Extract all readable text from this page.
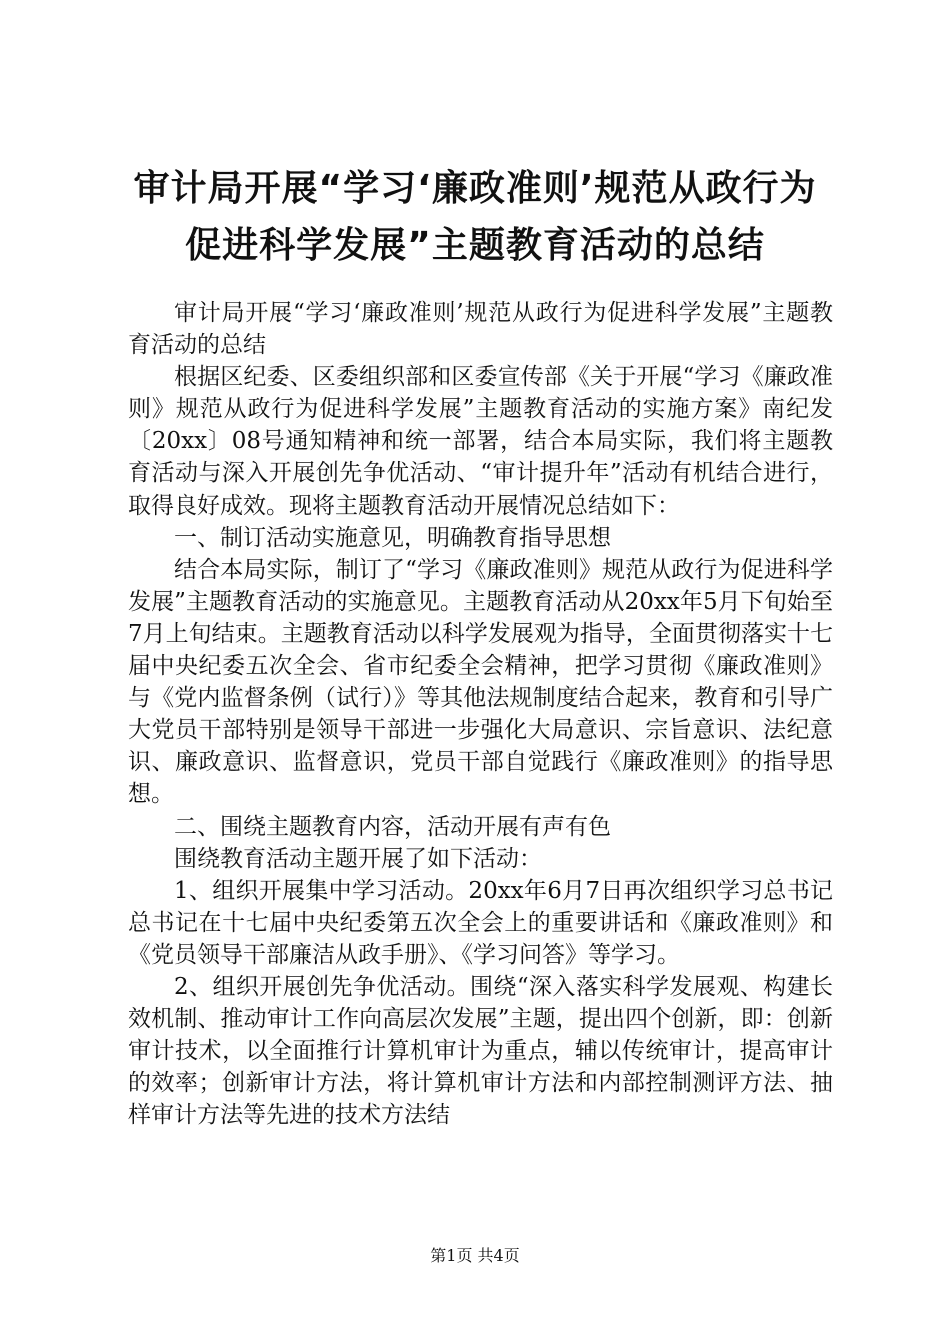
审计局开展“学习‘廉政准则’规范从政行为
促进科学发展”主题教育活动的总结

审计局开展“学习‘廉政准则’规范从政行为促进科学发展”主题教育活动的总结

根据区纪委、区委组织部和区委宣传部《关于开展“学习《廉政准则》规范从政行为促进科学发展”主题教育活动的实施方案》南纪发〔20xx〕08号通知精神和统一部署，结合本局实际，我们将主题教育活动与深入开展创先争优活动、“审计提升年”活动有机结合进行，取得良好成效。现将主题教育活动开展情况总结如下：

一、制订活动实施意见，明确教育指导思想

结合本局实际，制订了“学习《廉政准则》规范从政行为促进科学发展”主题教育活动的实施意见。主题教育活动从20xx年5月下旬始至7月上旬结束。主题教育活动以科学发展观为指导，全面贯彻落实十七届中央纪委五次全会、省市纪委全会精神，把学习贯彻《廉政准则》与《党内监督条例（试行）》等其他法规制度结合起来，教育和引导广大党员干部特别是领导干部进一步强化大局意识、宗旨意识、法纪意识、廉政意识、监督意识，党员干部自觉践行《廉政准则》的指导思想。

二、围绕主题教育内容，活动开展有声有色

围绕教育活动主题开展了如下活动：

1、组织开展集中学习活动。20xx年6月7日再次组织学习总书记总书记在十七届中央纪委第五次全会上的重要讲话和《廉政准则》和《党员领导干部廉洁从政手册》、《学习问答》等学习。

2、组织开展创先争优活动。围绕“深入落实科学发展观、构建长效机制、推动审计工作向高层次发展”主题，提出四个创新，即：创新审计技术，以全面推行计算机审计为重点，辅以传统审计，提高审计的效率；创新审计方法，将计算机审计方法和内部控制测评方法、抽样审计方法等先进的技术方法结

第1页 共4页
